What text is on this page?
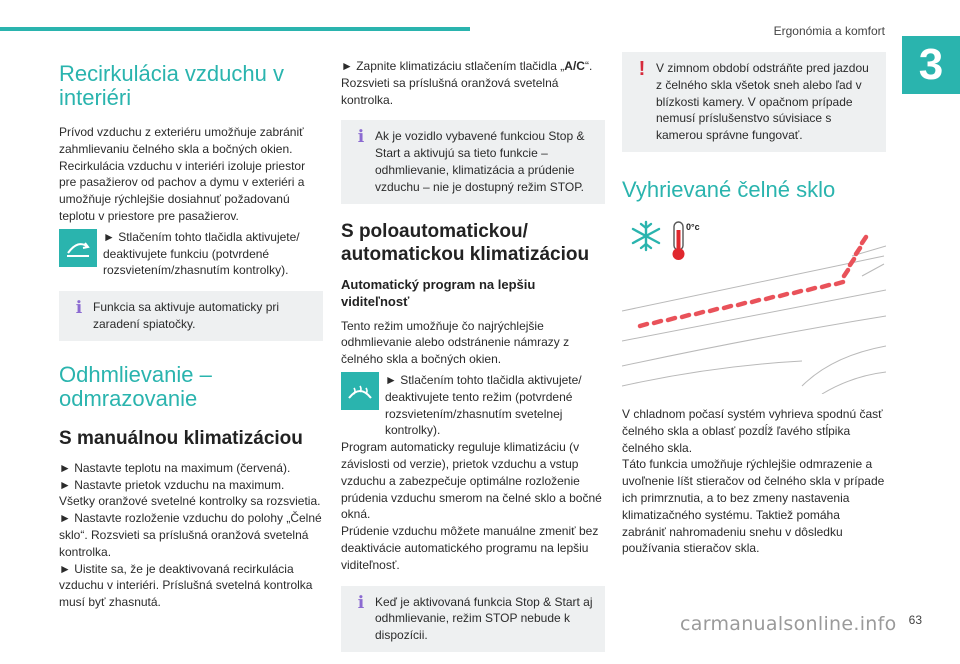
Ergonómia a komfort
3
Recirkulácia vzduchu v interiéri

Prívod vzduchu z exteriéru umožňuje zabrániť zahmlievaniu čelného skla a bočných okien. Recirkulácia vzduchu v interiéri izoluje priestor pre pasažierov od pachov a dymu v exteriéri a umožňuje rýchlejšie dosiahnuť požadovanú teplotu v priestore pre pasažierov.

► Stlačením tohto tlačidla aktivujete/ deaktivujete funkciu (potvrdené rozsvietením/zhasnutím kontrolky).
ℹ Funkcia sa aktivuje automaticky pri zaradení spiatočky.
Odhmlievanie – odmrazovanie
S manuálnou klimatizáciou

► Nastavte teplotu na maximum (červená).

► Nastavte prietok vzduchu na maximum.

Všetky oranžové svetelné kontrolky sa rozsvietia.

► Nastavte rozloženie vzduchu do polohy „Čelné sklo“. Rozsvieti sa príslušná oranžová svetelná kontrolka.

► Uistite sa, že je deaktivovaná recirkulácia vzduchu v interiéri. Príslušná svetelná kontrolka musí byť zhasnutá.

► Zapnite klimatizáciu stlačením tlačidla „A/C“. Rozsvieti sa príslušná oranžová svetelná kontrolka.

ℹ Ak je vozidlo vybavené funkciou Stop & Start a aktivujú sa tieto funkcie – odhmlievanie, klimatizácia a prúdenie vzduchu – nie je dostupný režim STOP.
S poloautomatickou/ automatickou klimatizáciou
Automatický program na lepšiu viditeľnosť

Tento režim umožňuje čo najrýchlejšie odhmlievanie alebo odstránenie námrazy z čelného skla a bočných okien.

► Stlačením tohto tlačidla aktivujete/ deaktivujete tento režim (potvrdené rozsvietením/zhasnutím svetelnej kontrolky).

Program automaticky reguluje klimatizáciu (v závislosti od verzie), prietok vzduchu a vstup vzduchu a zabezpečuje optimálne rozloženie prúdenia vzduchu smerom na čelné sklo a bočné okná.

Prúdenie vzduchu môžete manuálne zmeniť bez deaktivácie automatického programu na lepšiu viditeľnosť.

ℹ Keď je aktivovaná funkcia Stop & Start aj odhmlievanie, režim STOP nebude k dispozícii.
! V zimnom období odstráňte pred jazdou z čelného skla všetok sneh alebo ľad v blízkosti kamery. V opačnom prípade nemusí príslušenstvo súvisiace s kamerou správne fungovať.
Vyhrievané čelné sklo
0°c

V chladnom počasí systém vyhrieva spodnú časť čelného skla a oblasť pozdĺž ľavého stĺpika čelného skla.

Táto funkcia umožňuje rýchlejšie odmrazenie a uvoľnenie líšt stieračov od čelného skla v prípade ich primrznutia, a to bez zmeny nastavenia klimatizačného systému. Taktiež pomáha zabrániť nahromadeniu snehu v dôsledku používania stieračov skla.

carmanualsonline.info 63
